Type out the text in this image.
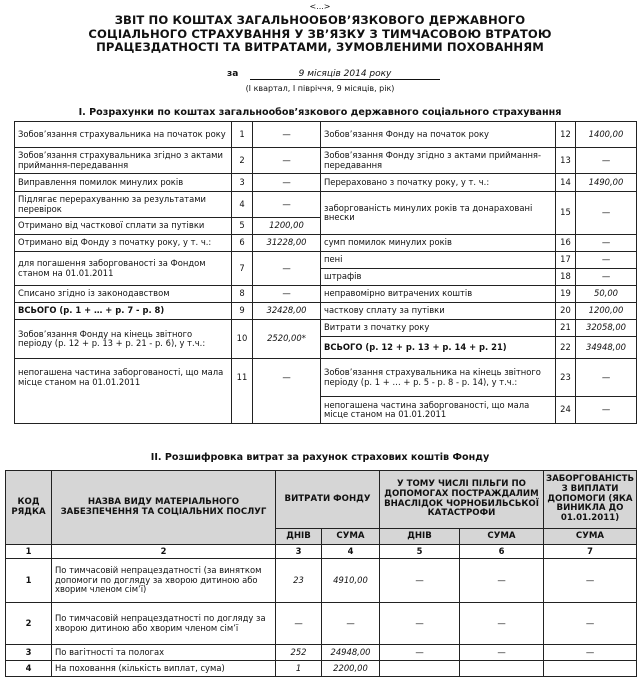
<...>
ЗВІТ ПО КОШТАХ ЗАГАЛЬНООБОВ’ЯЗКОВОГО ДЕРЖАВНОГО
СОЦІАЛЬНОГО СТРАХУВАННЯ У ЗВ’ЯЗКУ З ТИМЧАСОВОЮ ВТРАТОЮ
ПРАЦЕЗДАТНОСТІ ТА ВИТРАТАМИ, ЗУМОВЛЕНИМИ ПОХОВАННЯМ
за	9 місяців 2014 року
(І квартал, І півріччя, 9 місяців, рік)
І. Розрахунки по коштах загальнообов’язкового державного соціального страхування
Зобов’язання страхувальника на початок року	1	—	Зобов’язання Фонду на початок року	12	1400,00
Зобов’язання страхувальника згідно з актами приймання-передавання	2	—	Зобов’язання Фонду згідно з актами приймання-передавання	13	—
Виправлення помилок минулих років	3	—	Перераховано з початку року, у т. ч.:	14	1490,00
Підлягає перерахуванню за результатами перевірок	4	—	заборгованість минулих років та донараховані внески	15	—
Отримано від часткової сплати за путівки	5	1200,00			
Отримано від Фонду з початку року, у т. ч.:	6	31228,00	сумп помилок минулих років	16	—
для погашення заборгованості за Фондом станом на 01.01.2011	7	—	пені	17	—
			штрафів	18	—
Списано згідно із законодавством	8	—	неправомірно витрачених коштів	19	50,00
ВСЬОГО (р. 1 + … + р. 7 - р. 8)	9	32428,00	часткову сплату за путівки	20	1200,00
Зобов’язання Фонду на кінець звітного періоду (р. 12 + р. 13 + р. 21 - р. 6), у т.ч.:	10	2520,00*	Витрати з початку року	21	32058,00
			ВСЬОГО (р. 12 + р. 13 + р. 14 + р. 21)	22	34948,00
непогашена частина заборгованості, що мала місце станом на 01.01.2011	11	—	Зобов’язання страхувальника на кінець звітного періоду (р. 1 + … + р. 5 - р. 8 - р. 14), у т.ч.:	23	—
			непогашена частина заборгованості, що мала місце станом на 01.01.2011	24	—
ІІ. Розшифровка витрат за рахунок страхових коштів Фонду
КОД РЯДКА	НАЗВА ВИДУ МАТЕРІАЛЬНОГО ЗАБЕЗПЕЧЕННЯ ТА СОЦІАЛЬНИХ ПОСЛУГ	ВИТРАТИ ФОНДУ		У ТОМУ ЧИСЛІ ПІЛЬГИ ПО ДОПОМОГАХ ПОСТРАЖДАЛИМ ВНАСЛІДОК ЧОРНОБИЛЬСЬКОЇ КАТАСТРОФИ		ЗАБОРГОВАНІСТЬ З ВИПЛАТИ ДОПОМОГИ (ЯКА ВИНИКЛА ДО 01.01.2011)
		ДНІВ	СУМА	ДНІВ	СУМА	СУМА
1	2	3	4	5	6	7
1	По тимчасовій непрацездатності (за винятком допомоги по догляду за хворою дитиною або хворим членом сім’ї)	23	4910,00	—	—	—
2	По тимчасовій непрацездатності по догляду за хворою дитиною або хворим членом сім’ї	—	—	—	—	—
3	По вагітності та пологах	252	24948,00	—	—	—
4	На поховання (кількість виплат, сума)	1	2200,00			
